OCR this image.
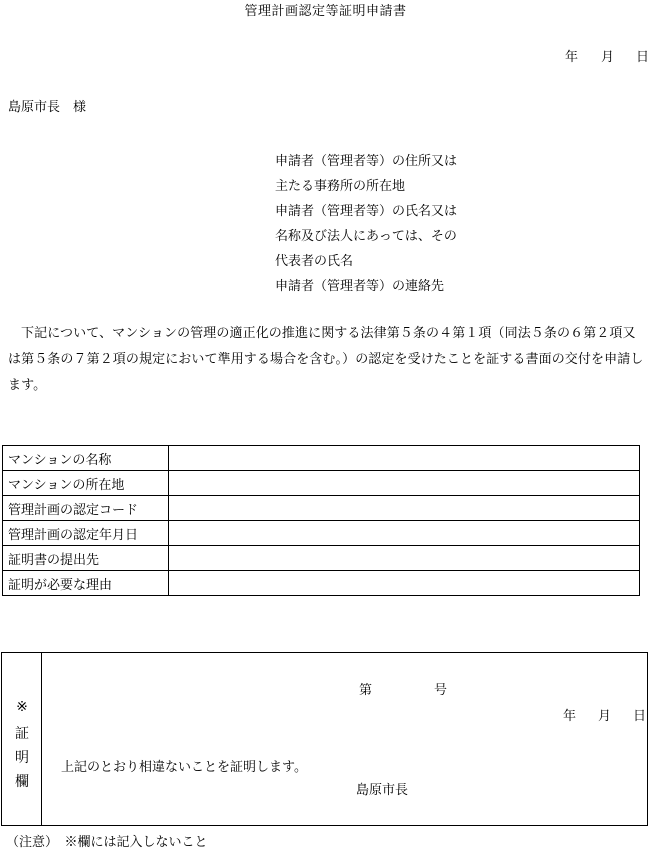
管理計画認定等証明申請書
年 月 日
島原市長　様
申請者（管理者等）の住所又は
主たる事務所の所在地
申請者（管理者等）の氏名又は
名称及び法人にあっては、その
代表者の氏名
申請者（管理者等）の連絡先
下記について、マンションの管理の適正化の推進に関する法律第５条の４第１項（同法５条の６第２項又は第５条の７第２項の規定において準用する場合を含む。）の認定を受けたことを証する書面の交付を申請します。
マンションの名称	
マンションの所在地	
管理計画の認定コード	
管理計画の認定年月日	
証明書の提出先	
証明が必要な理由	
※
証
明
欄
第	号
年 月 日
上記のとおり相違ないことを証明します。
島原市長
（注意）　※欄には記入しないこと
